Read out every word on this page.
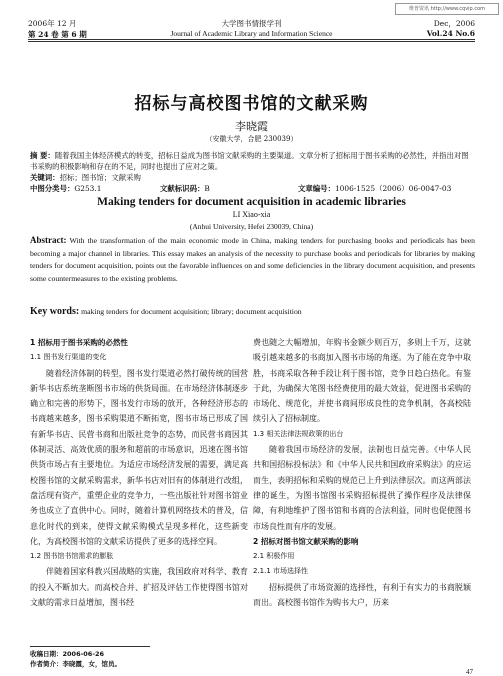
维普资讯 http://www.cqvip.com
2006年 12 月	大学图书情报学刊	Dec，2006
第 24 卷 第 6 期	Journal of Academic Library and Information Science	Vol.24 No.6
招标与高校图书馆的文献采购
李晓霞
（安徽大学，合肥 230039）
摘 要：随着我国主体经济模式的转变，招标日益成为图书馆文献采购的主要渠道。文章分析了招标用于图书采购的必然性，并指出对图书采购的积极影响和存在的不足，同时也提出了应对之策。
关键词：招标；图书馆；文献采购
中图分类号：G253.1	文献标识码：B	文章编号：1006-1525（2006）06-0047-03
Making tenders for document acquisition in academic libraries
LI Xiao-xia
(Anhui University, Hefei 230039, China)
Abstract: With the transformation of the main economic mode in China, making tenders for purchasing books and periodicals has been becoming a major channel in libraries. This essay makes an analysis of the necessity to purchase books and periodicals for libraries by making tenders for document acquisition, points out the favorable influences on and some deficiencies in the library document acquisition, and presents some countermeasures to the existing problems.
Key words: making tenders for document acquisition; library; document acquisition

1 招标用于图书采购的必然性

1.1 图书发行渠道的变化

随着经济体制的转型，图书发行渠道必然打破传统的国营新华书店系统垄断图书市场的供货局面。在市场经济体制逐步确立和完善的形势下，图书发行市场的放开，各种经济形态的书商越来越多，图书采购渠道不断拓宽，图书市场已形成了国有新华书店、民营书商和出版社竞争的态势，而民营书商因其体制灵活、高效优质的服务和超前的市场意识，迅速在图书馆供货市场占有主要地位。为适应市场经济发展的需要，满足高校图书馆的文献采购需求，新华书店对旧有的体制进行改组，盘活现有资产，重塑企业的竞争力，一些出版社针对图书馆业务也成立了直供中心。同时，随着计算机网络技术的普及，信息化时代的到来，使得文献采购模式呈现多样化，这些新变化，为高校图书馆的文献采访提供了更多的选择空间。

1.2 图书馆书馆需求的膨胀

伴随着国家科教兴国战略的实施，我国政府对科学、教育的投入不断加大。而高校合并、扩招及评估工作使得图书馆对文献的需求日益增加，图书经

费也随之大幅增加，年购书金额少则百万，多则上千万，这就吸引越来越多的书商加入图书市场的角逐。为了能在竞争中取胜，书商采取各种手段让利于图书馆，竞争日趋白热化。有鉴于此，为确保大笔图书经费使用的最大效益，促进图书采购的市场化、规范化，并使书商间形成良性的竞争机制，各高校陆续引入了招标制度。

1.3 相关法律法规政策的出台

随着我国市场经济的发展，法制也日益完善。《中华人民共和国招标投标法》和《中华人民共和国政府采购法》的应运而生，表明招标和采购的规范已上升到法律层次。而这两部法律的诞生，为图书馆图书采购招标提供了操作程序及法律保障，有利地维护了图书馆和书商的合法利益，同时也促使图书市场良性而有序的发展。

2 招标对图书馆文献采购的影响

2.1 积极作用

2.1.1 市场选择性

招标提供了市场资源的选择性，有利于有实力的书商脱颖而出。高校图书馆作为购书大户，历来

收稿日期：2006-06-26
作者简介：李晓霞，女，馆员。
47
